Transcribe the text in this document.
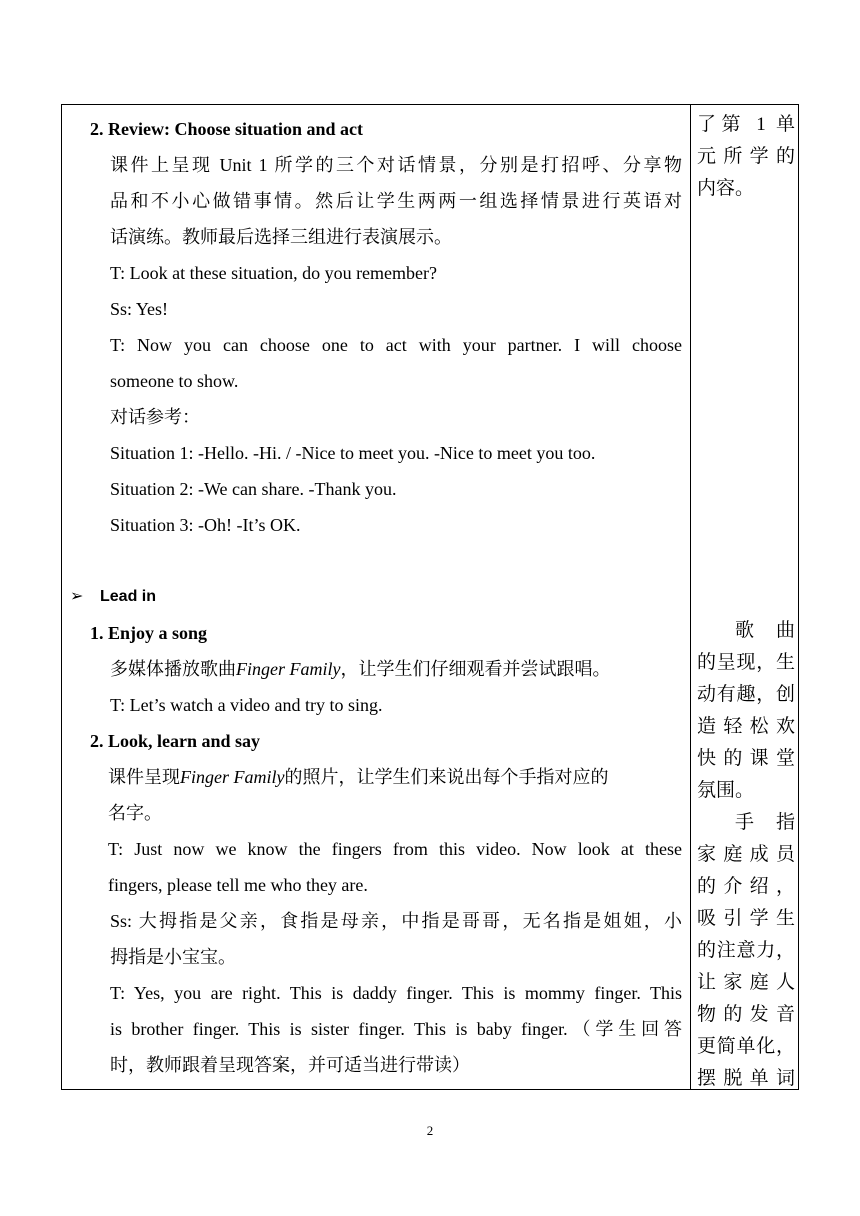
2. Review: Choose situation and act
课件上呈现 Unit 1 所学的三个对话情景，分别是打招呼、分享物
品和不小心做错事情。然后让学生两两一组选择情景进行英语对
话演练。教师最后选择三组进行表演展示。
T: Look at these situation, do you remember?
Ss: Yes!
T: Now you can choose one to act with your partner. I will choose
someone to show.
对话参考：
Situation 1: -Hello. -Hi. / -Nice to meet you. -Nice to meet you too.
Situation 2: -We can share. -Thank you.
Situation 3: -Oh! -It’s OK.
➢ Lead in
1. Enjoy a song
多媒体播放歌曲Finger Family，让学生们仔细观看并尝试跟唱。
T: Let’s watch a video and try to sing.
2. Look, learn and say
课件呈现Finger Family的照片，让学生们来说出每个手指对应的
名字。
T: Just now we know the fingers from this video. Now look at these
fingers, please tell me who they are.
Ss: 大拇指是父亲，食指是母亲，中指是哥哥，无名指是姐姐，小
拇指是小宝宝。
T: Yes, you are right. This is daddy finger. This is mommy finger. This
is brother finger. This is sister finger. This is baby finger.（学生回答
时，教师跟着呈现答案，并可适当进行带读）
了第 1 单
元所学的
内容。
歌 曲
的呈现，生
动有趣，创
造轻松欢
快的课堂
氛围。
手 指
家庭成员
的介绍，
吸引学生
的注意力，
让家庭人
物的发音
更简单化，
摆脱单词
2
